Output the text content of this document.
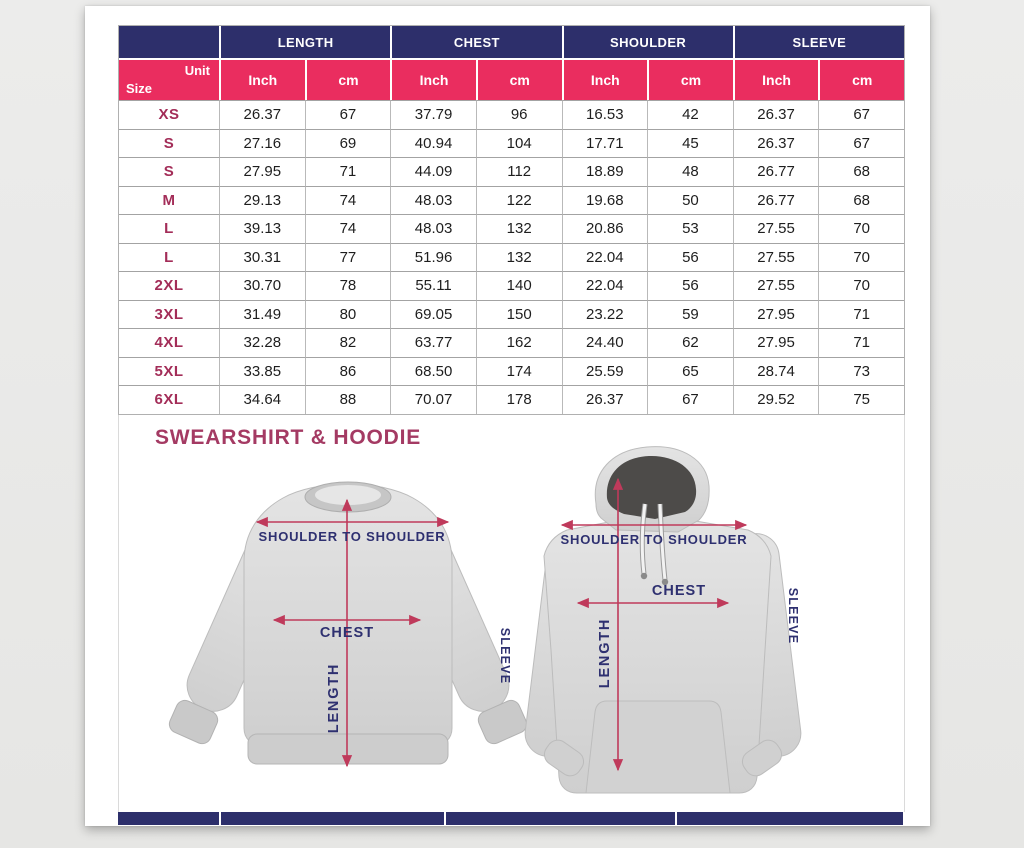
	LENGTH		CHEST		SHOULDER		SLEEVE	

Unit
Size	Inch	cm	Inch	cm	Inch	cm	Inch	cm
XS	26.37	67	37.79	96	16.53	42	26.37	67
S	27.16	69	40.94	104	17.71	45	26.37	67
S	27.95	71	44.09	112	18.89	48	26.77	68
M	29.13	74	48.03	122	19.68	50	26.77	68
L	39.13	74	48.03	132	20.86	53	27.55	70
L	30.31	77	51.96	132	22.04	56	27.55	70
2XL	30.70	78	55.11	140	22.04	56	27.55	70
3XL	31.49	80	69.05	150	23.22	59	27.95	71
4XL	32.28	82	63.77	162	24.40	62	27.95	71
5XL	33.85	86	68.50	174	25.59	65	28.74	73
6XL	34.64	88	70.07	178	26.37	67	29.52	75
SWEARSHIRT & HOODIE
SHOULDER TO SHOULDER
CHEST
LENGTH
SLEEVE
SHOULDER TO SHOULDER
CHEST
LENGTH
SLEEVE
